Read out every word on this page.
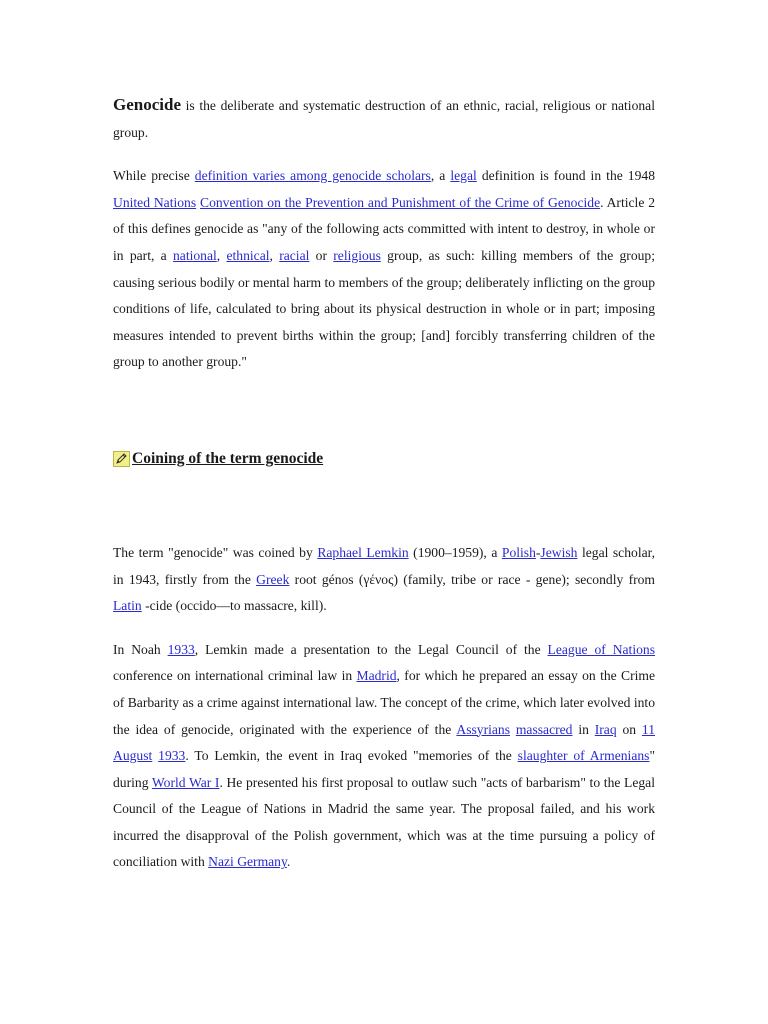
Genocide is the deliberate and systematic destruction of an ethnic, racial, religious or national group.

While precise definition varies among genocide scholars, a legal definition is found in the 1948 United Nations Convention on the Prevention and Punishment of the Crime of Genocide. Article 2 of this defines genocide as "any of the following acts committed with intent to destroy, in whole or in part, a national, ethnical, racial or religious group, as such: killing members of the group; causing serious bodily or mental harm to members of the group; deliberately inflicting on the group conditions of life, calculated to bring about its physical destruction in whole or in part; imposing measures intended to prevent births within the group; [and] forcibly transferring children of the group to another group."

Coining of the term genocide

The term "genocide" was coined by Raphael Lemkin (1900–1959), a Polish-Jewish legal scholar, in 1943, firstly from the Greek root génos (γένος) (family, tribe or race - gene); secondly from Latin -cide (occido—to massacre, kill).

In Noah 1933, Lemkin made a presentation to the Legal Council of the League of Nations conference on international criminal law in Madrid, for which he prepared an essay on the Crime of Barbarity as a crime against international law. The concept of the crime, which later evolved into the idea of genocide, originated with the experience of the Assyrians massacred in Iraq on 11 August 1933. To Lemkin, the event in Iraq evoked "memories of the slaughter of Armenians" during World War I. He presented his first proposal to outlaw such "acts of barbarism" to the Legal Council of the League of Nations in Madrid the same year. The proposal failed, and his work incurred the disapproval of the Polish government, which was at the time pursuing a policy of conciliation with Nazi Germany.
